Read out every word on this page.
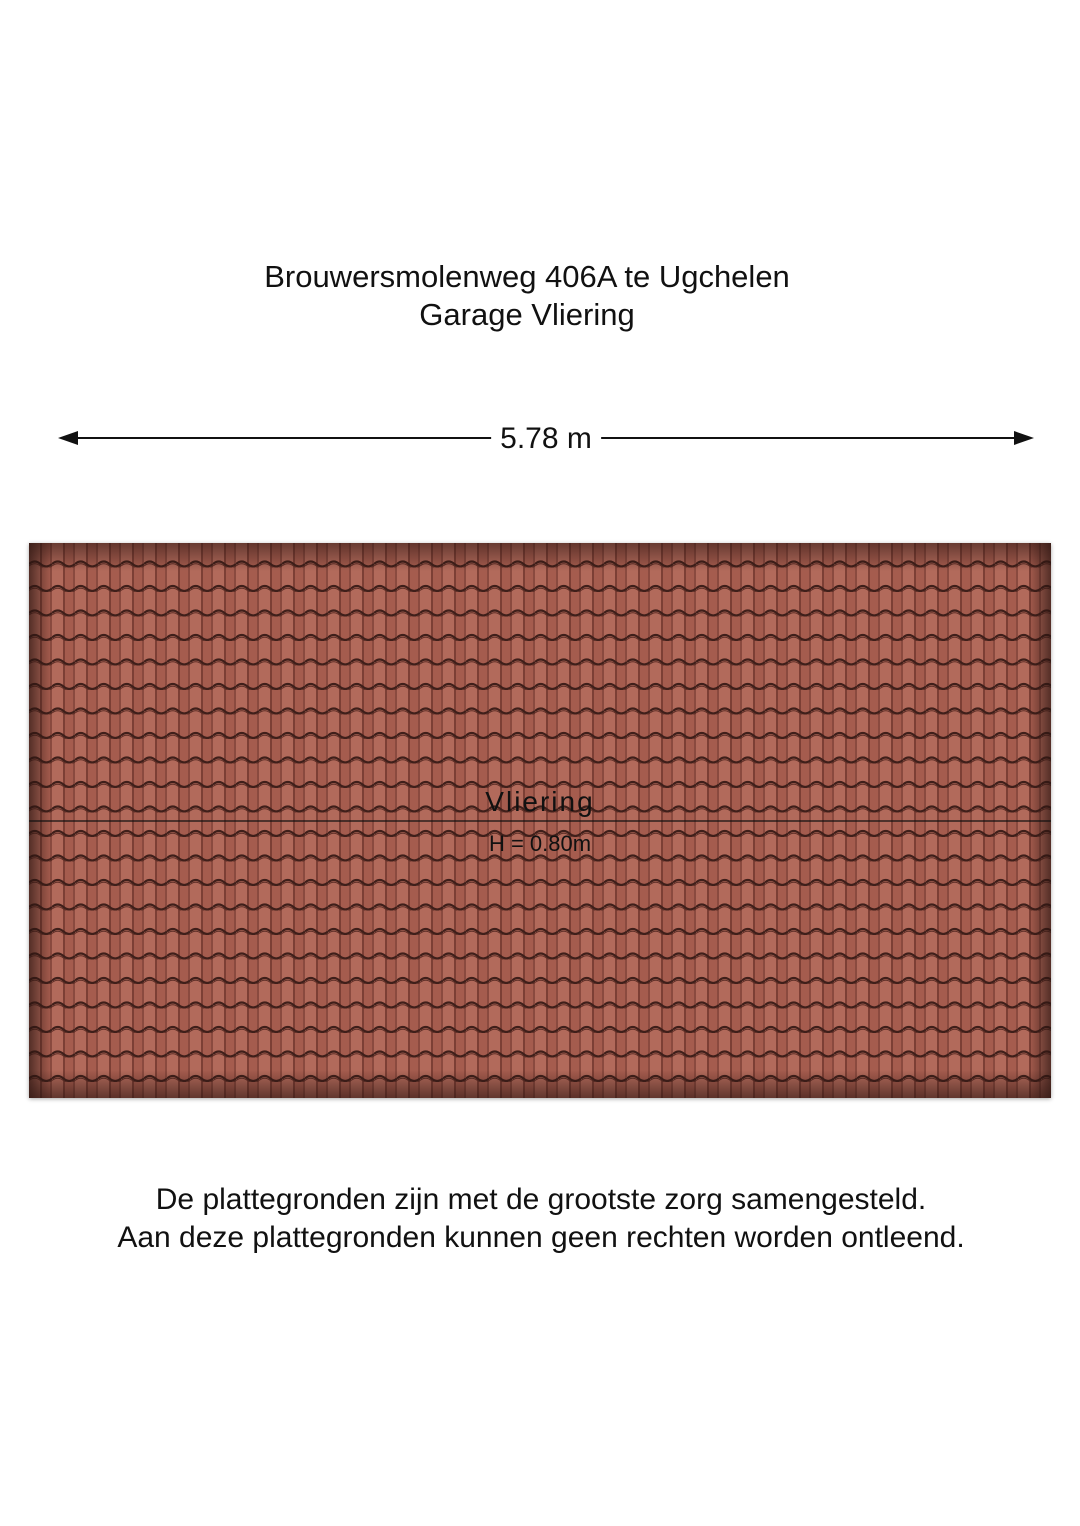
Brouwersmolenweg 406A te Ugchelen
Garage Vliering
5.78 m
Vliering
H = 0.80m
De plattegronden zijn met de grootste zorg samengesteld.
Aan deze plattegronden kunnen geen rechten worden ontleend.
